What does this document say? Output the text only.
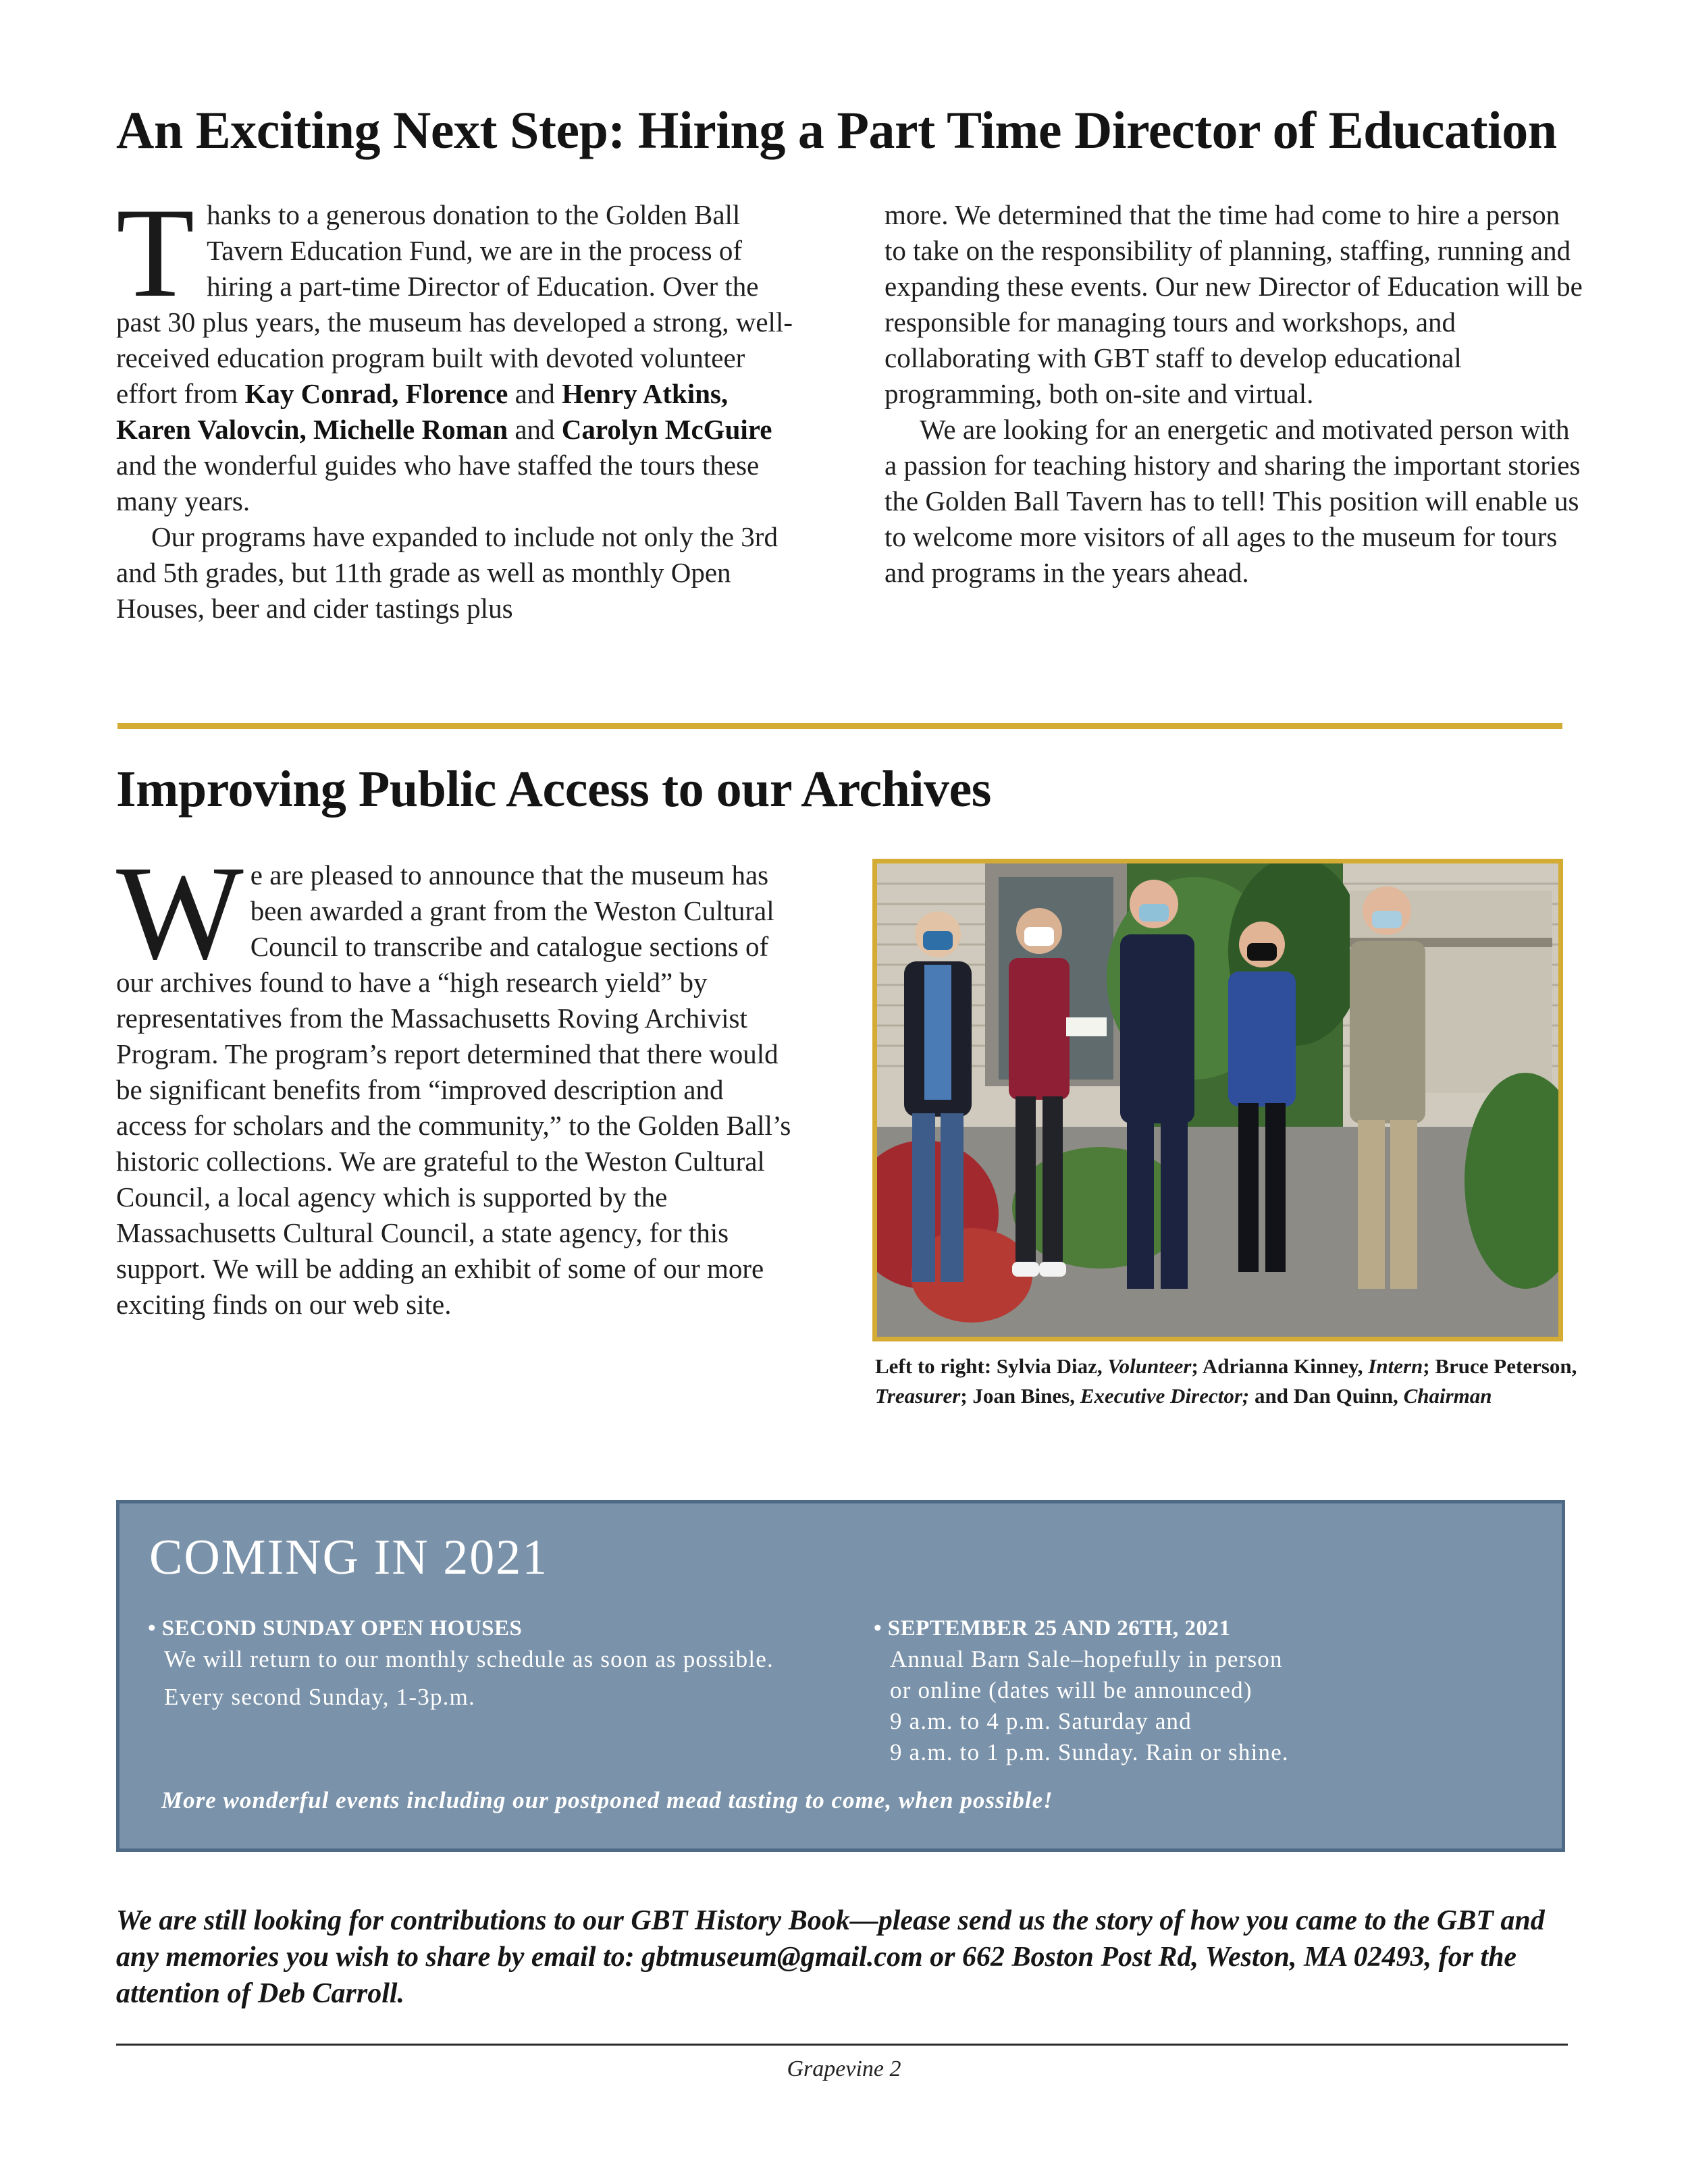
An Exciting Next Step: Hiring a Part Time Director of Education

Thanks to a generous donation to the Golden Ball Tavern Education Fund, we are in the process of hiring a part-time Director of Education. Over the past 30 plus years, the museum has developed a strong, well-received education program built with devoted volunteer effort from Kay Conrad, Florence and Henry Atkins, Karen Valovcin, Michelle Roman and Carolyn McGuire and the wonderful guides who have staffed the tours these many years.

Our programs have expanded to include not only the 3rd and 5th grades, but 11th grade as well as monthly Open Houses, beer and cider tastings plus

more. We determined that the time had come to hire a person to take on the responsibility of planning, staffing, running and expanding these events. Our new Director of Education will be responsible for managing tours and workshops, and collaborating with GBT staff to develop educational programming, both on-site and virtual.

We are looking for an energetic and motivated person with a passion for teaching history and sharing the important stories the Golden Ball Tavern has to tell! This position will enable us to welcome more visitors of all ages to the museum for tours and programs in the years ahead.

Improving Public Access to our Archives

We are pleased to announce that the museum has been awarded a grant from the Weston Cultural Council to transcribe and catalogue sections of our archives found to have a “high research yield” by representatives from the Massachusetts Roving Archivist Program. The program’s report determined that there would be significant benefits from “improved description and access for scholars and the community,” to the Golden Ball’s historic collections. We are grateful to the Weston Cultural Council, a local agency which is supported by the Massachusetts Cultural Council, a state agency, for this support. We will be adding an exhibit of some of our more exciting finds on our web site.

Left to right: Sylvia Diaz, Volunteer; Adrianna Kinney, Intern; Bruce Peterson, Treasurer; Joan Bines, Executive Director; and Dan Quinn, Chairman
COMING IN 2021
• SECOND SUNDAY OPEN HOUSES
We will return to our monthly schedule as soon as possible.
Every second Sunday, 1-3p.m.
• SEPTEMBER 25 AND 26TH, 2021
Annual Barn Sale–hopefully in person
or online (dates will be announced)
9 a.m. to 4 p.m. Saturday and
9 a.m. to 1 p.m. Sunday. Rain or shine.
More wonderful events including our postponed mead tasting to come, when possible!
We are still looking for contributions to our GBT History Book—please send us the story of how you came to the GBT and any memories you wish to share by email to: gbtmuseum@gmail.com or 662 Boston Post Rd, Weston, MA 02493, for the attention of Deb Carroll.
Grapevine 2
